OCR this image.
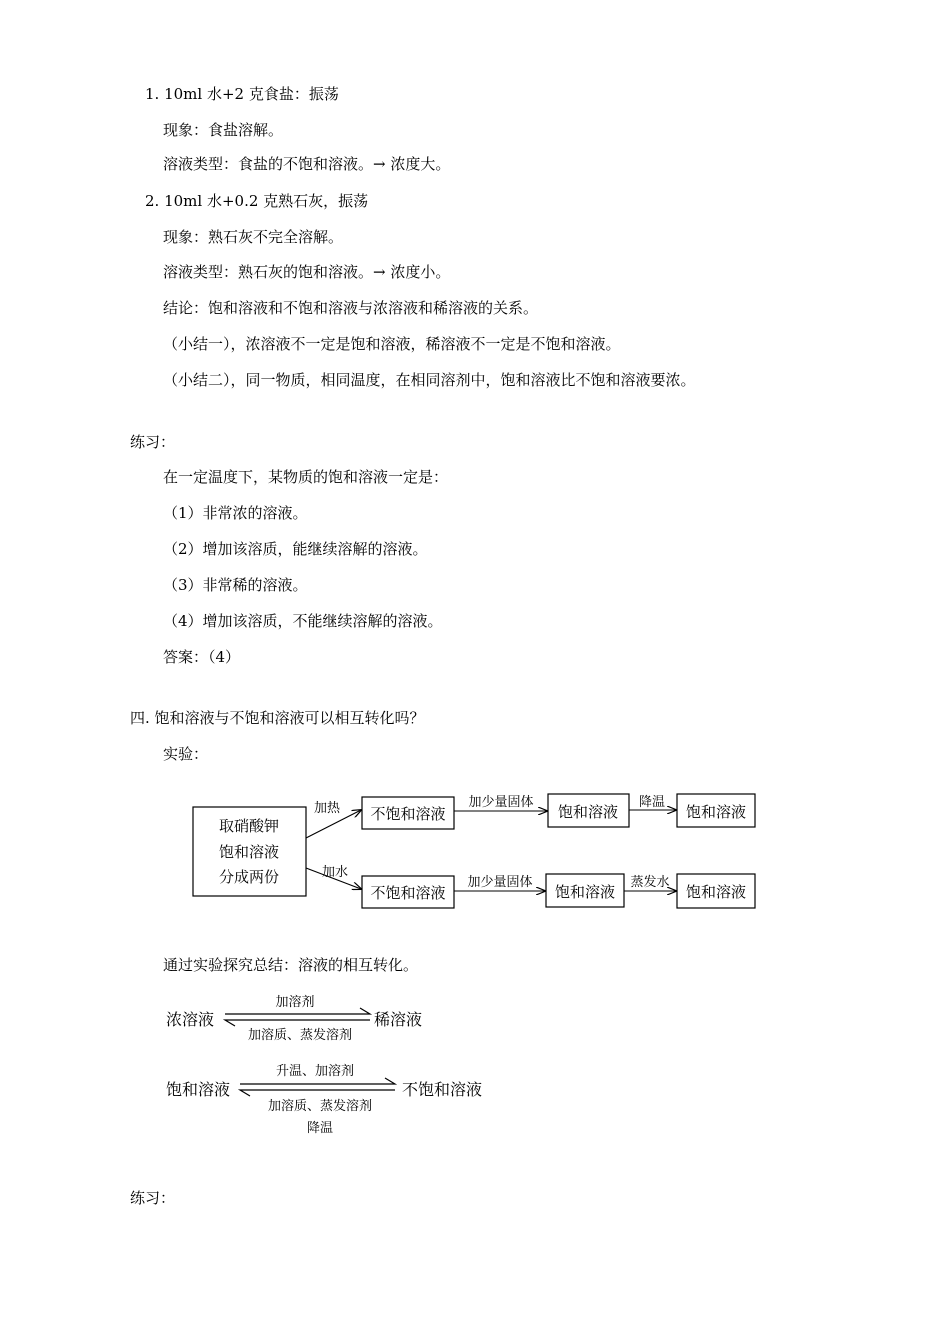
1. 10ml 水+2 克食盐：振荡
现象：食盐溶解。
溶液类型：食盐的不饱和溶液。→ 浓度大。
2. 10ml 水+0.2 克熟石灰，振荡
现象：熟石灰不完全溶解。
溶液类型：熟石灰的饱和溶液。→ 浓度小。
结论：饱和溶液和不饱和溶液与浓溶液和稀溶液的关系。
（小结一），浓溶液不一定是饱和溶液，稀溶液不一定是不饱和溶液。
（小结二），同一物质，相同温度，在相同溶剂中，饱和溶液比不饱和溶液要浓。
练习：
在一定温度下，某物质的饱和溶液一定是：
（1）非常浓的溶液。
（2）增加该溶质，能继续溶解的溶液。
（3）非常稀的溶液。
（4）增加该溶质，不能继续溶解的溶液。
答案：（4）
四. 饱和溶液与不饱和溶液可以相互转化吗？
实验：
取硝酸钾
饱和溶液
分成两份
加热
加水
不饱和溶液
加少量固体
饱和溶液
降温
饱和溶液
不饱和溶液
加少量固体
饱和溶液
蒸发水
饱和溶液
浓溶液
加溶剂
加溶质、蒸发溶剂
稀溶液
饱和溶液
升温、加溶剂
加溶质、蒸发溶剂
降温
不饱和溶液
通过实验探究总结：溶液的相互转化。
练习：
